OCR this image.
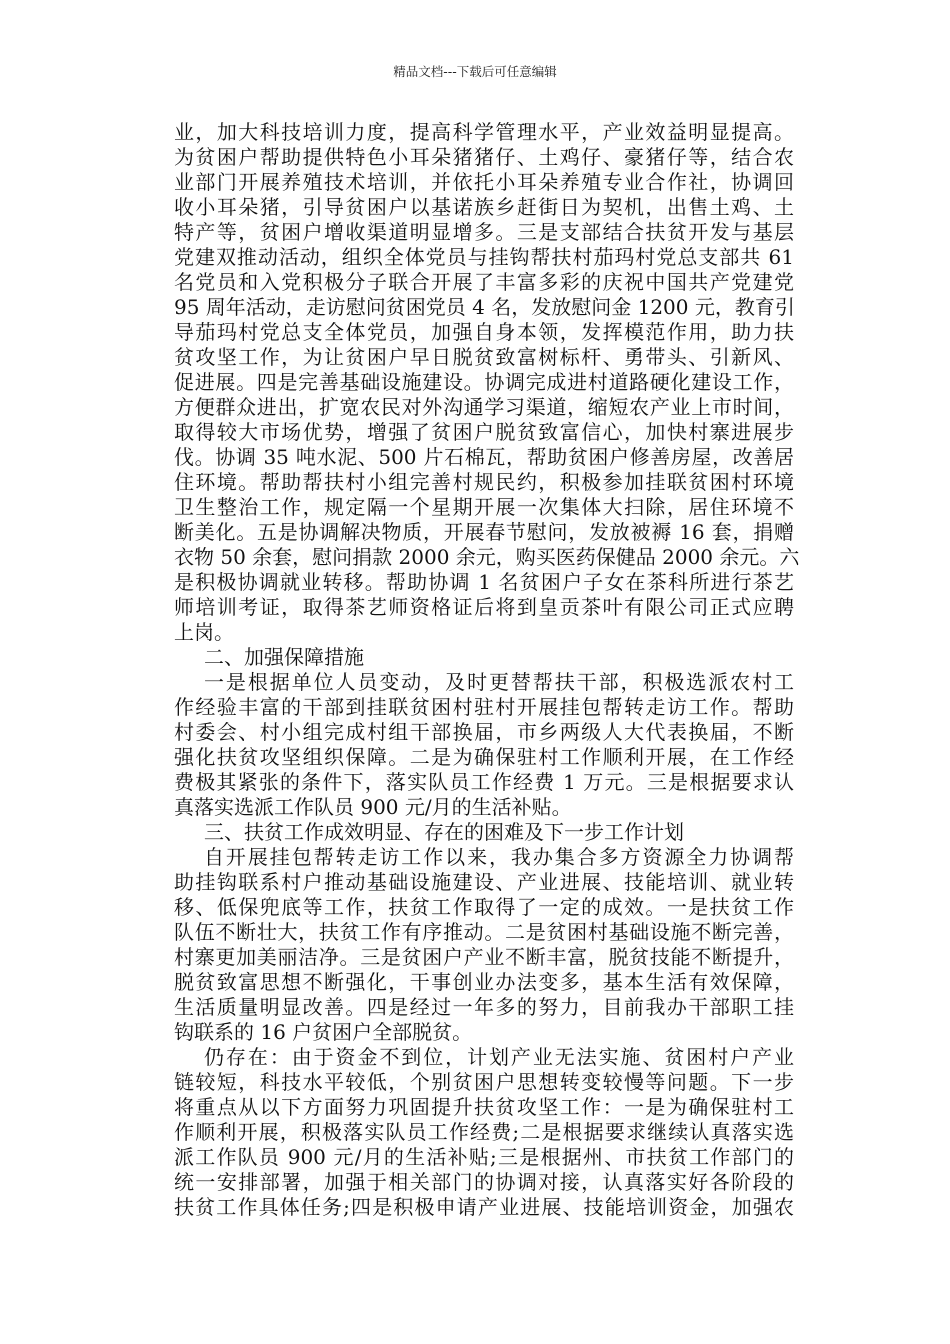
精品文档---下载后可任意编辑
业，加大科技培训力度，提高科学管理水平，产业效益明显提高。
为贫困户帮助提供特色小耳朵猪猪仔、土鸡仔、豪猪仔等，结合农
业部门开展养殖技术培训，并依托小耳朵养殖专业合作社，协调回
收小耳朵猪，引导贫困户以基诺族乡赶街日为契机，出售土鸡、土
特产等，贫困户增收渠道明显增多。三是支部结合扶贫开发与基层
党建双推动活动，组织全体党员与挂钩帮扶村茄玛村党总支部共 61
名党员和入党积极分子联合开展了丰富多彩的庆祝中国共产党建党
95 周年活动，走访慰问贫困党员 4 名，发放慰问金 1200 元，教育引
导茄玛村党总支全体党员，加强自身本领，发挥模范作用，助力扶
贫攻坚工作，为让贫困户早日脱贫致富树标杆、勇带头、引新风、
促进展。四是完善基础设施建设。协调完成进村道路硬化建设工作，
方便群众进出，扩宽农民对外沟通学习渠道，缩短农产业上市时间，
取得较大市场优势，增强了贫困户脱贫致富信心，加快村寨进展步
伐。协调 35 吨水泥、500 片石棉瓦，帮助贫困户修善房屋，改善居
住环境。帮助帮扶村小组完善村规民约，积极参加挂联贫困村环境
卫生整治工作，规定隔一个星期开展一次集体大扫除，居住环境不
断美化。五是协调解决物质，开展春节慰问，发放被褥 16 套，捐赠
衣物 50 余套，慰问捐款 2000 余元，购买医药保健品 2000 余元。六
是积极协调就业转移。帮助协调 1 名贫困户子女在茶科所进行茶艺
师培训考证，取得茶艺师资格证后将到皇贡茶叶有限公司正式应聘
上岗。
二、加强保障措施
一是根据单位人员变动，及时更替帮扶干部，积极选派农村工
作经验丰富的干部到挂联贫困村驻村开展挂包帮转走访工作。帮助
村委会、村小组完成村组干部换届，市乡两级人大代表换届，不断
强化扶贫攻坚组织保障。二是为确保驻村工作顺利开展，在工作经
费极其紧张的条件下，落实队员工作经费 1 万元。三是根据要求认
真落实选派工作队员 900 元/月的生活补贴。
三、扶贫工作成效明显、存在的困难及下一步工作计划
自开展挂包帮转走访工作以来，我办集合多方资源全力协调帮
助挂钩联系村户推动基础设施建设、产业进展、技能培训、就业转
移、低保兜底等工作，扶贫工作取得了一定的成效。一是扶贫工作
队伍不断壮大，扶贫工作有序推动。二是贫困村基础设施不断完善，
村寨更加美丽洁净。三是贫困户产业不断丰富，脱贫技能不断提升，
脱贫致富思想不断强化，干事创业办法变多，基本生活有效保障，
生活质量明显改善。四是经过一年多的努力，目前我办干部职工挂
钩联系的 16 户贫困户全部脱贫。
仍存在：由于资金不到位，计划产业无法实施、贫困村户产业
链较短，科技水平较低，个别贫困户思想转变较慢等问题。下一步
将重点从以下方面努力巩固提升扶贫攻坚工作：一是为确保驻村工
作顺利开展，积极落实队员工作经费;二是根据要求继续认真落实选
派工作队员 900 元/月的生活补贴;三是根据州、市扶贫工作部门的
统一安排部署，加强于相关部门的协调对接，认真落实好各阶段的
扶贫工作具体任务;四是积极申请产业进展、技能培训资金，加强农
